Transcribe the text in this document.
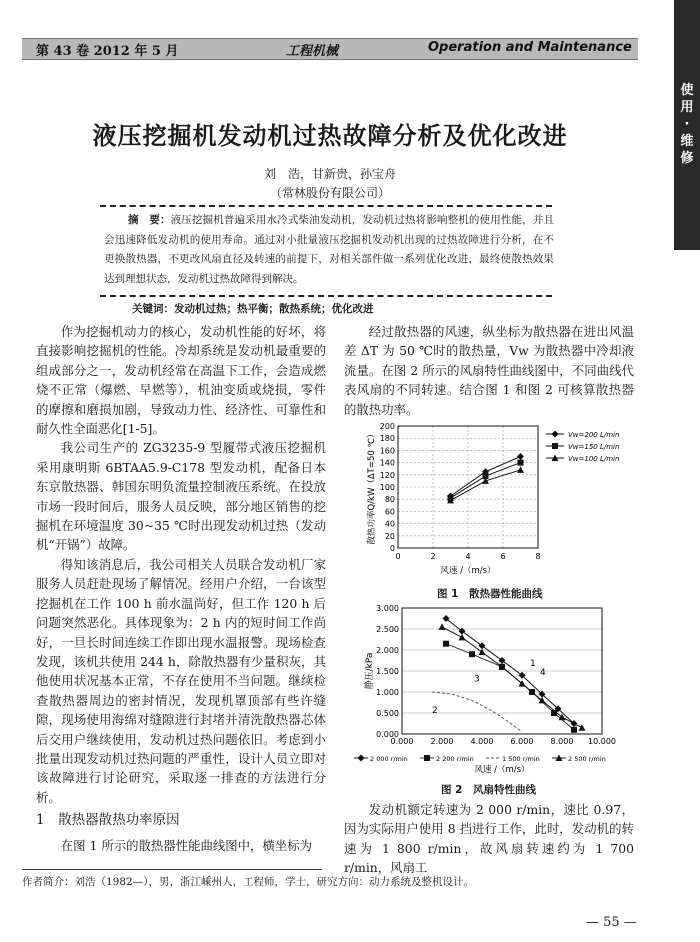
第 43 卷 2012 年 5 月	工程机械	Operation and Maintenance
使用·维修
液压挖掘机发动机过热故障分析及优化改进
刘　浩，甘新贵，孙宝舟
（常林股份有限公司）
摘　要：液压挖掘机普遍采用水冷式柴油发动机，发动机过热将影响整机的使用性能，并且会迅速降低发动机的使用寿命。通过对小批量液压挖掘机发动机出现的过热故障进行分析，在不更换散热器，不更改风扇直径及转速的前提下，对相关部件做一系列优化改进，最终使散热效果达到理想状态，发动机过热故障得到解决。
关键词：发动机过热；热平衡；散热系统；优化改进

作为挖掘机动力的核心，发动机性能的好坏，将直接影响挖掘机的性能。冷却系统是发动机最重要的组成部分之一，发动机经常在高温下工作，会造成燃烧不正常（爆燃、早燃等），机油变质或烧损，零件的摩擦和磨损加剧，导致动力性、经济性、可靠性和耐久性全面恶化[1-5]。

我公司生产的 ZG3235-9 型履带式液压挖掘机采用康明斯 6BTAA5.9-C178 型发动机，配备日本东京散热器、韩国东明负流量控制液压系统。在投放市场一段时间后，服务人员反映，部分地区销售的挖掘机在环境温度 30~35 ℃时出现发动机过热（发动机“开锅”）故障。

得知该消息后，我公司相关人员联合发动机厂家服务人员赶赴现场了解情况。经用户介绍，一台该型挖掘机在工作 100 h 前水温尚好，但工作 120 h 后问题突然恶化。具体现象为：2 h 内的短时间工作尚好，一旦长时间连续工作即出现水温报警。现场检查发现，该机共使用 244 h，除散热器有少量积灰，其他使用状况基本正常，不存在使用不当问题。继续检查散热器周边的密封情况，发现机罩顶部有些许缝隙，现场使用海绵对缝隙进行封堵并清洗散热器芯体后交用户继续使用，发动机过热问题依旧。考虑到小批量出现发动机过热问题的严重性，设计人员立即对该故障进行讨论研究，采取逐一排查的方法进行分析。

1　散热器散热功率原因

在图 1 所示的散热器性能曲线图中，横坐标为

经过散热器的风速，纵坐标为散热器在进出风温差 ΔT 为 50 ℃时的散热量，Vw 为散热器中冷却液流量。在图 2 所示的风扇特性曲线图中，不同曲线代表风扇的不同转速。结合图 1 和图 2 可核算散热器的散热功率。

0
20
40
60
80
100
120
140
160
180
200
0	2	4	6	8
风速 /（m/s）
散热功率Q/kW（ΔT=50 ℃）	Vw=200 L/min
Vw=150 L/min
Vw=100 L/min
图 1　散热器性能曲线
0.000
0.500
1.000
1.500
2.000
2.500
3.000
0.000 2.000 4.000 6.000 8.000 10.000
静压/kPa
2 000 r/min	2 200 r/min	1 500 r/min	2 500 r/min
1
2
3
4
风速 /（m/s）
图 2　风扇特性曲线

发动机额定转速为 2 000 r/min，速比 0.97，因为实际用户使用 8 挡进行工作，此时，发动机的转速为 1 800 r/min，故风扇转速约为 1 700 r/min，风扇工

作者简介：刘浩（1982—），男，浙江嵊州人，工程师，学士，研究方向：动力系统及整机设计。
— 55 —
